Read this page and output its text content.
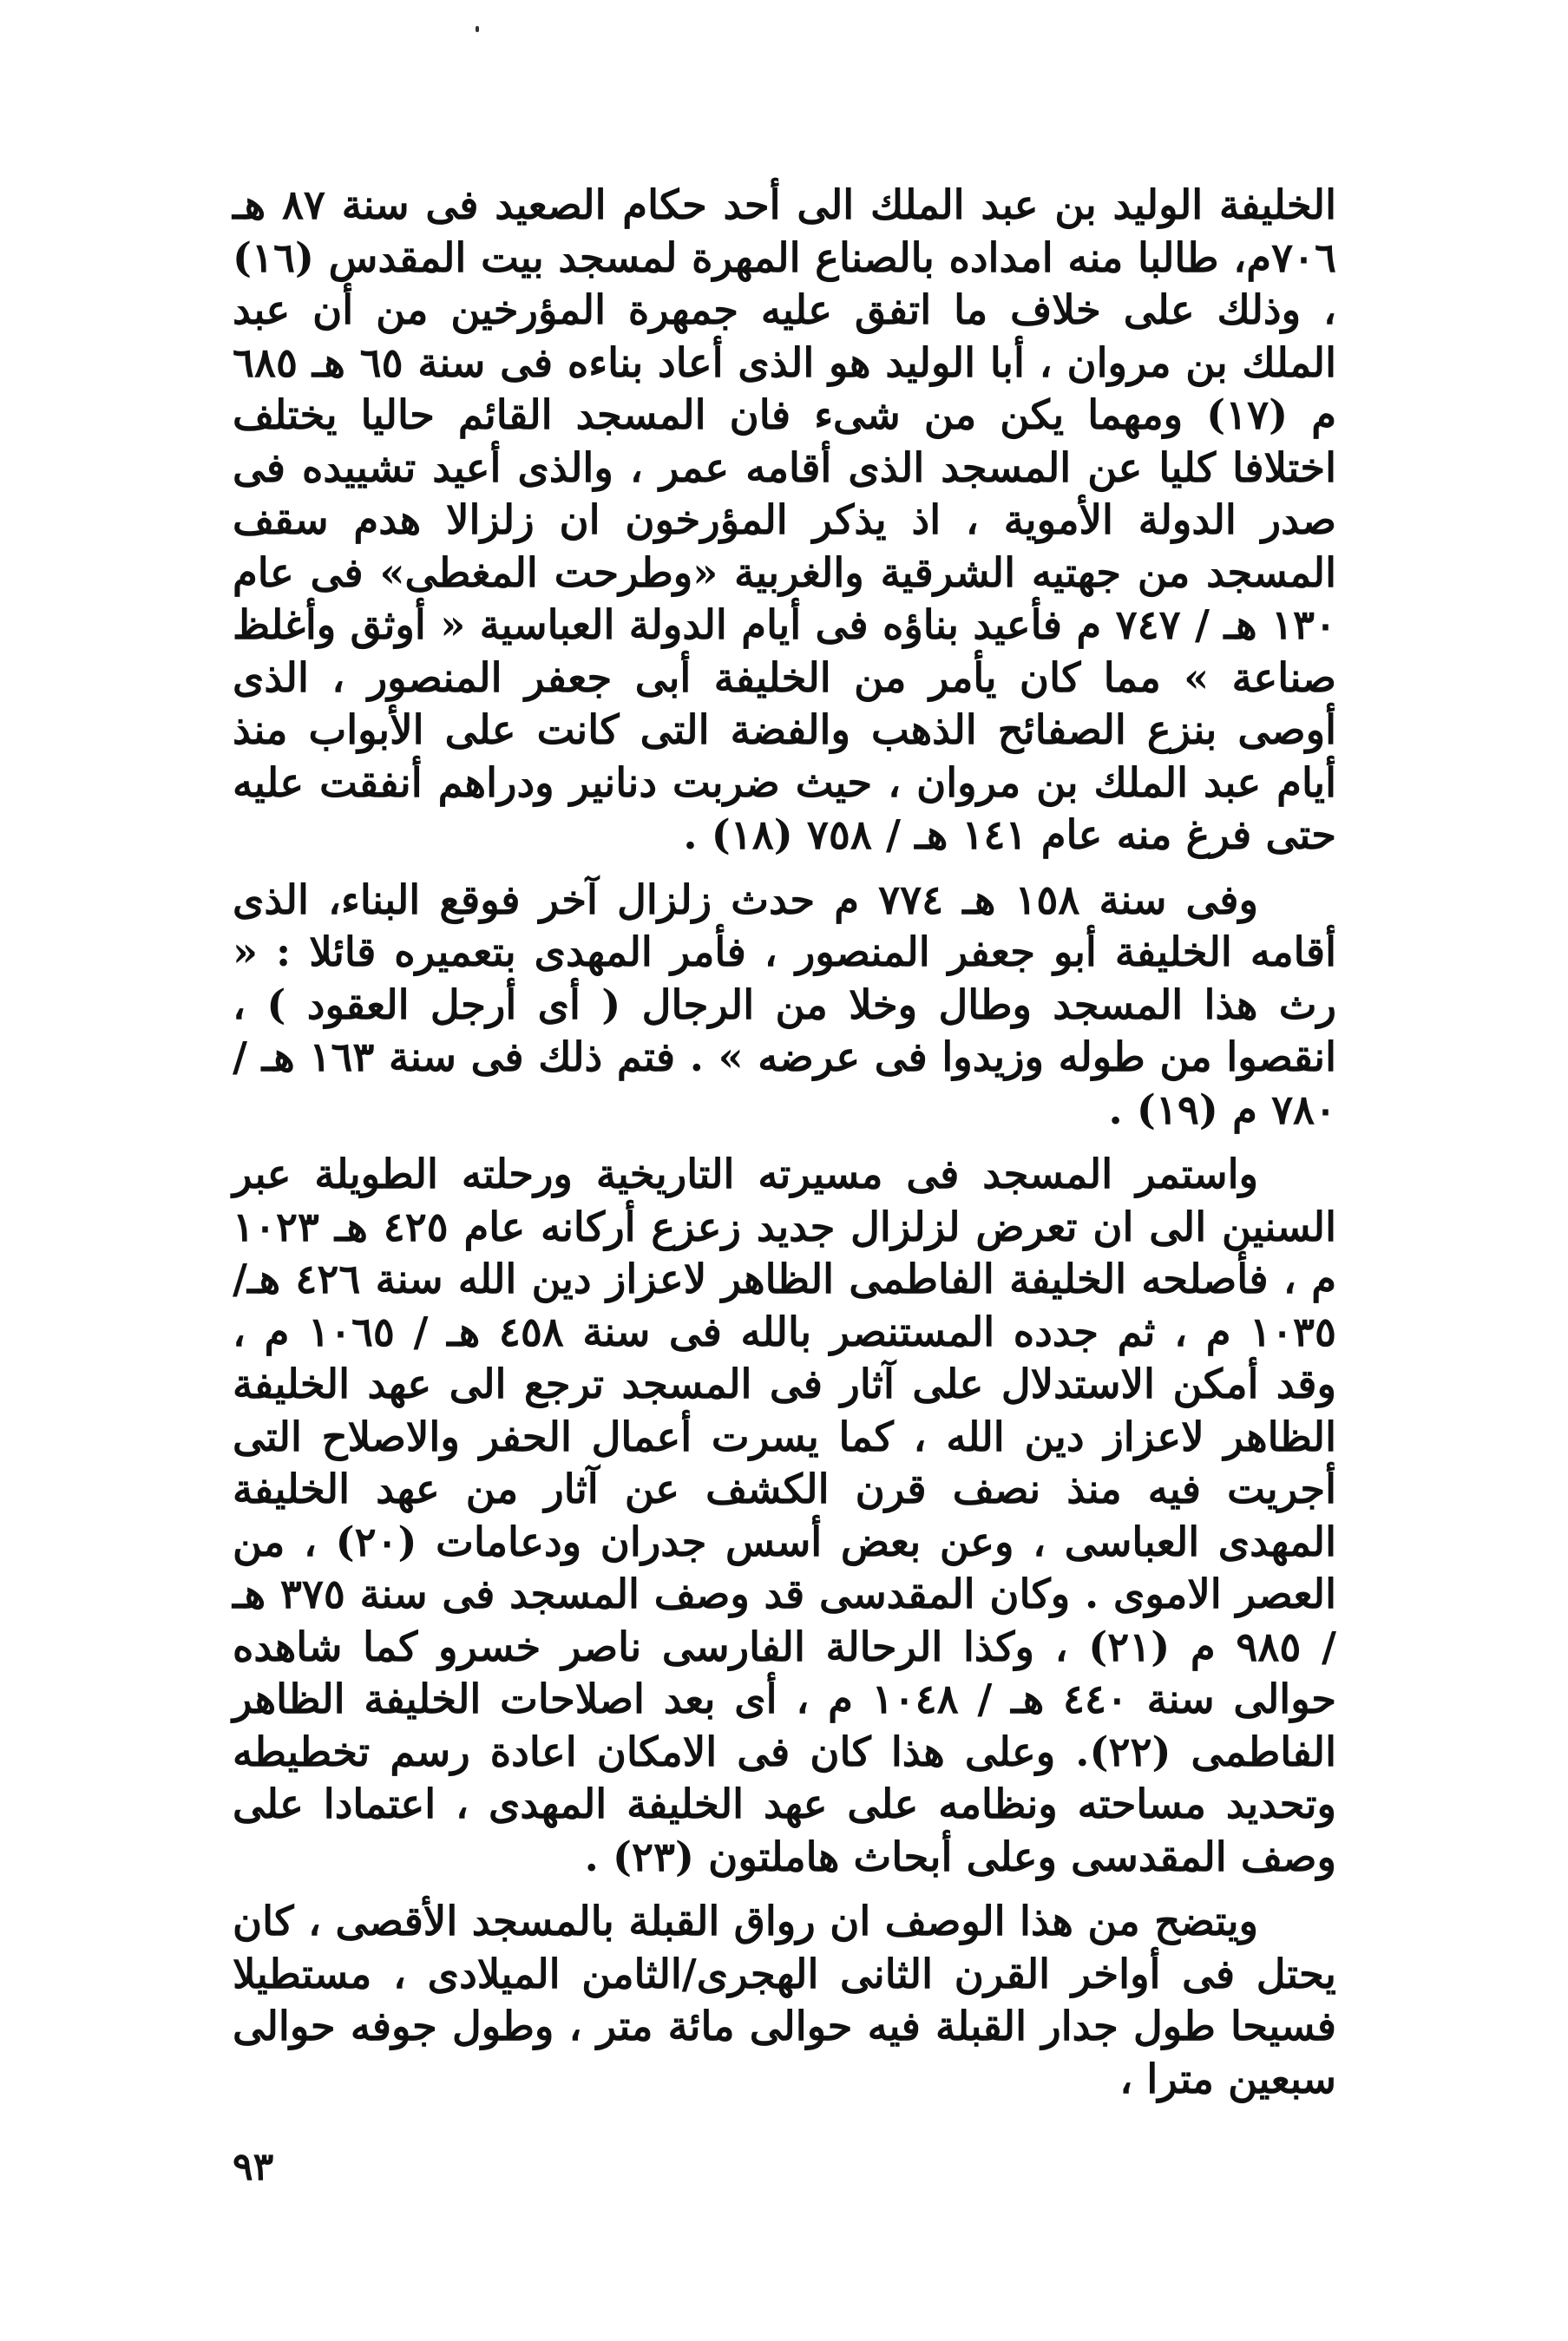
الخليفة الوليد بن عبد الملك الى أحد حكام الصعيد فى سنة ٨٧ هـ ٧٠٦م، طالبا منه امداده بالصناع المهرة لمسجد بيت المقدس (١٦) ، وذلك على خلاف ما اتفق عليه جمهرة المؤرخين من أن عبد الملك بن مروان ، أبا الوليد هو الذى أعاد بناءه فى سنة ٦٥ هـ ٦٨٥ م (١٧) ومهما يكن من شىء فان المسجد القائم حاليا يختلف اختلافا كليا عن المسجد الذى أقامه عمر ، والذى أعيد تشييده فى صدر الدولة الأموية ، اذ يذكر المؤرخون ان زلزالا هدم سقف المسجد من جهتيه الشرقية والغربية «وطرحت المغطى» فى عام ١٣٠ هـ / ٧٤٧ م فأعيد بناؤه فى أيام الدولة العباسية « أوثق وأغلظ صناعة » مما كان يأمر من الخليفة أبى جعفر المنصور ، الذى أوصى بنزع الصفائح الذهب والفضة التى كانت على الأبواب منذ أيام عبد الملك بن مروان ، حيث ضربت دنانير ودراهم أنفقت عليه حتى فرغ منه عام ١٤١ هـ / ٧٥٨ (١٨) .

وفى سنة ١٥٨ هـ ٧٧٤ م حدث زلزال آخر فوقع البناء، الذى أقامه الخليفة أبو جعفر المنصور ، فأمر المهدى بتعميره قائلا : « رث هذا المسجد وطال وخلا من الرجال ( أى أرجل العقود ) ، انقصوا من طوله وزيدوا فى عرضه » . فتم ذلك فى سنة ١٦٣ هـ / ٧٨٠ م (١٩) .

واستمر المسجد فى مسيرته التاريخية ورحلته الطويلة عبر السنين الى ان تعرض لزلزال جديد زعزع أركانه عام ٤٢٥ هـ ١٠٢٣ م ، فأصلحه الخليفة الفاطمى الظاهر لاعزاز دين الله سنة ٤٢٦ هـ/ ١٠٣٥ م ، ثم جدده المستنصر بالله فى سنة ٤٥٨ هـ / ١٠٦٥ م ، وقد أمكن الاستدلال على آثار فى المسجد ترجع الى عهد الخليفة الظاهر لاعزاز دين الله ، كما يسرت أعمال الحفر والاصلاح التى أجريت فيه منذ نصف قرن الكشف عن آثار من عهد الخليفة المهدى العباسى ، وعن بعض أسس جدران ودعامات (٢٠) ، من العصر الاموى . وكان المقدسى قد وصف المسجد فى سنة ٣٧٥ هـ / ٩٨٥ م (٢١) ، وكذا الرحالة الفارسى ناصر خسرو كما شاهده حوالى سنة ٤٤٠ هـ / ١٠٤٨ م ، أى بعد اصلاحات الخليفة الظاهر الفاطمى (٢٢). وعلى هذا كان فى الامكان اعادة رسم تخطيطه وتحديد مساحته ونظامه على عهد الخليفة المهدى ، اعتمادا على وصف المقدسى وعلى أبحاث هاملتون (٢٣) .

ويتضح من هذا الوصف ان رواق القبلة بالمسجد الأقصى ، كان يحتل فى أواخر القرن الثانى الهجرى/الثامن الميلادى ، مستطيلا فسيحا طول جدار القبلة فيه حوالى مائة متر ، وطول جوفه حوالى سبعين مترا ،

٩٣
